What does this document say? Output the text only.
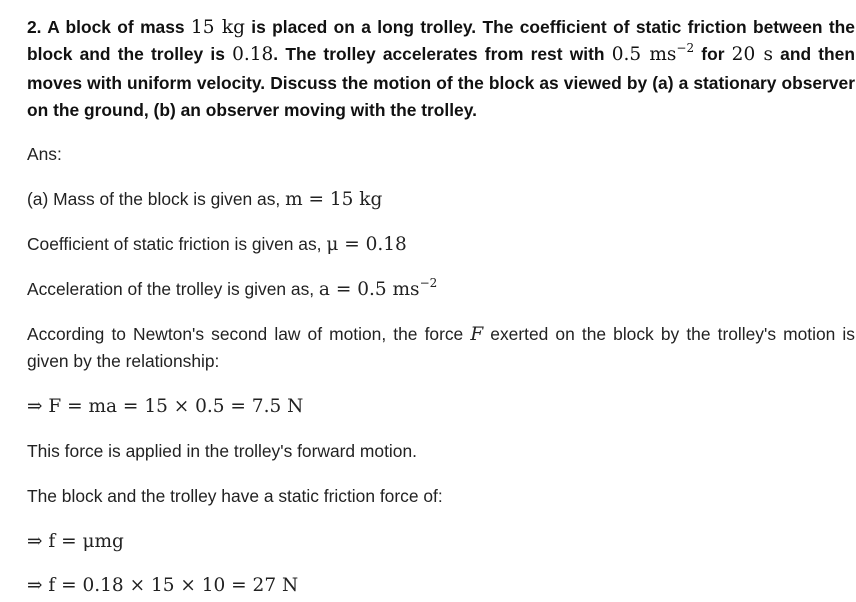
2. A block of mass 15 kg is placed on a long trolley. The coefficient of static friction between the block and the trolley is 0.18. The trolley accelerates from rest with 0.5 $ms^{-2}$ for 20 s and then moves with uniform velocity. Discuss the motion of the block as viewed by (a) a stationary observer on the ground, (b) an observer moving with the trolley.
Ans:
(a) Mass of the block is given as, m = 15 kg
Coefficient of static friction is given as, μ = 0.18
Acceleration of the trolley is given as, a = 0.5 $ms^{-2}$
According to Newton's second law of motion, the force F exerted on the block by the trolley's motion is given by the relationship:
⇒ F = ma = 15 × 0.5 = 7.5 N
This force is applied in the trolley's forward motion.
The block and the trolley have a static friction force of:
⇒ f = μmg
⇒ f = 0.18 × 15 × 10 = 27 N
